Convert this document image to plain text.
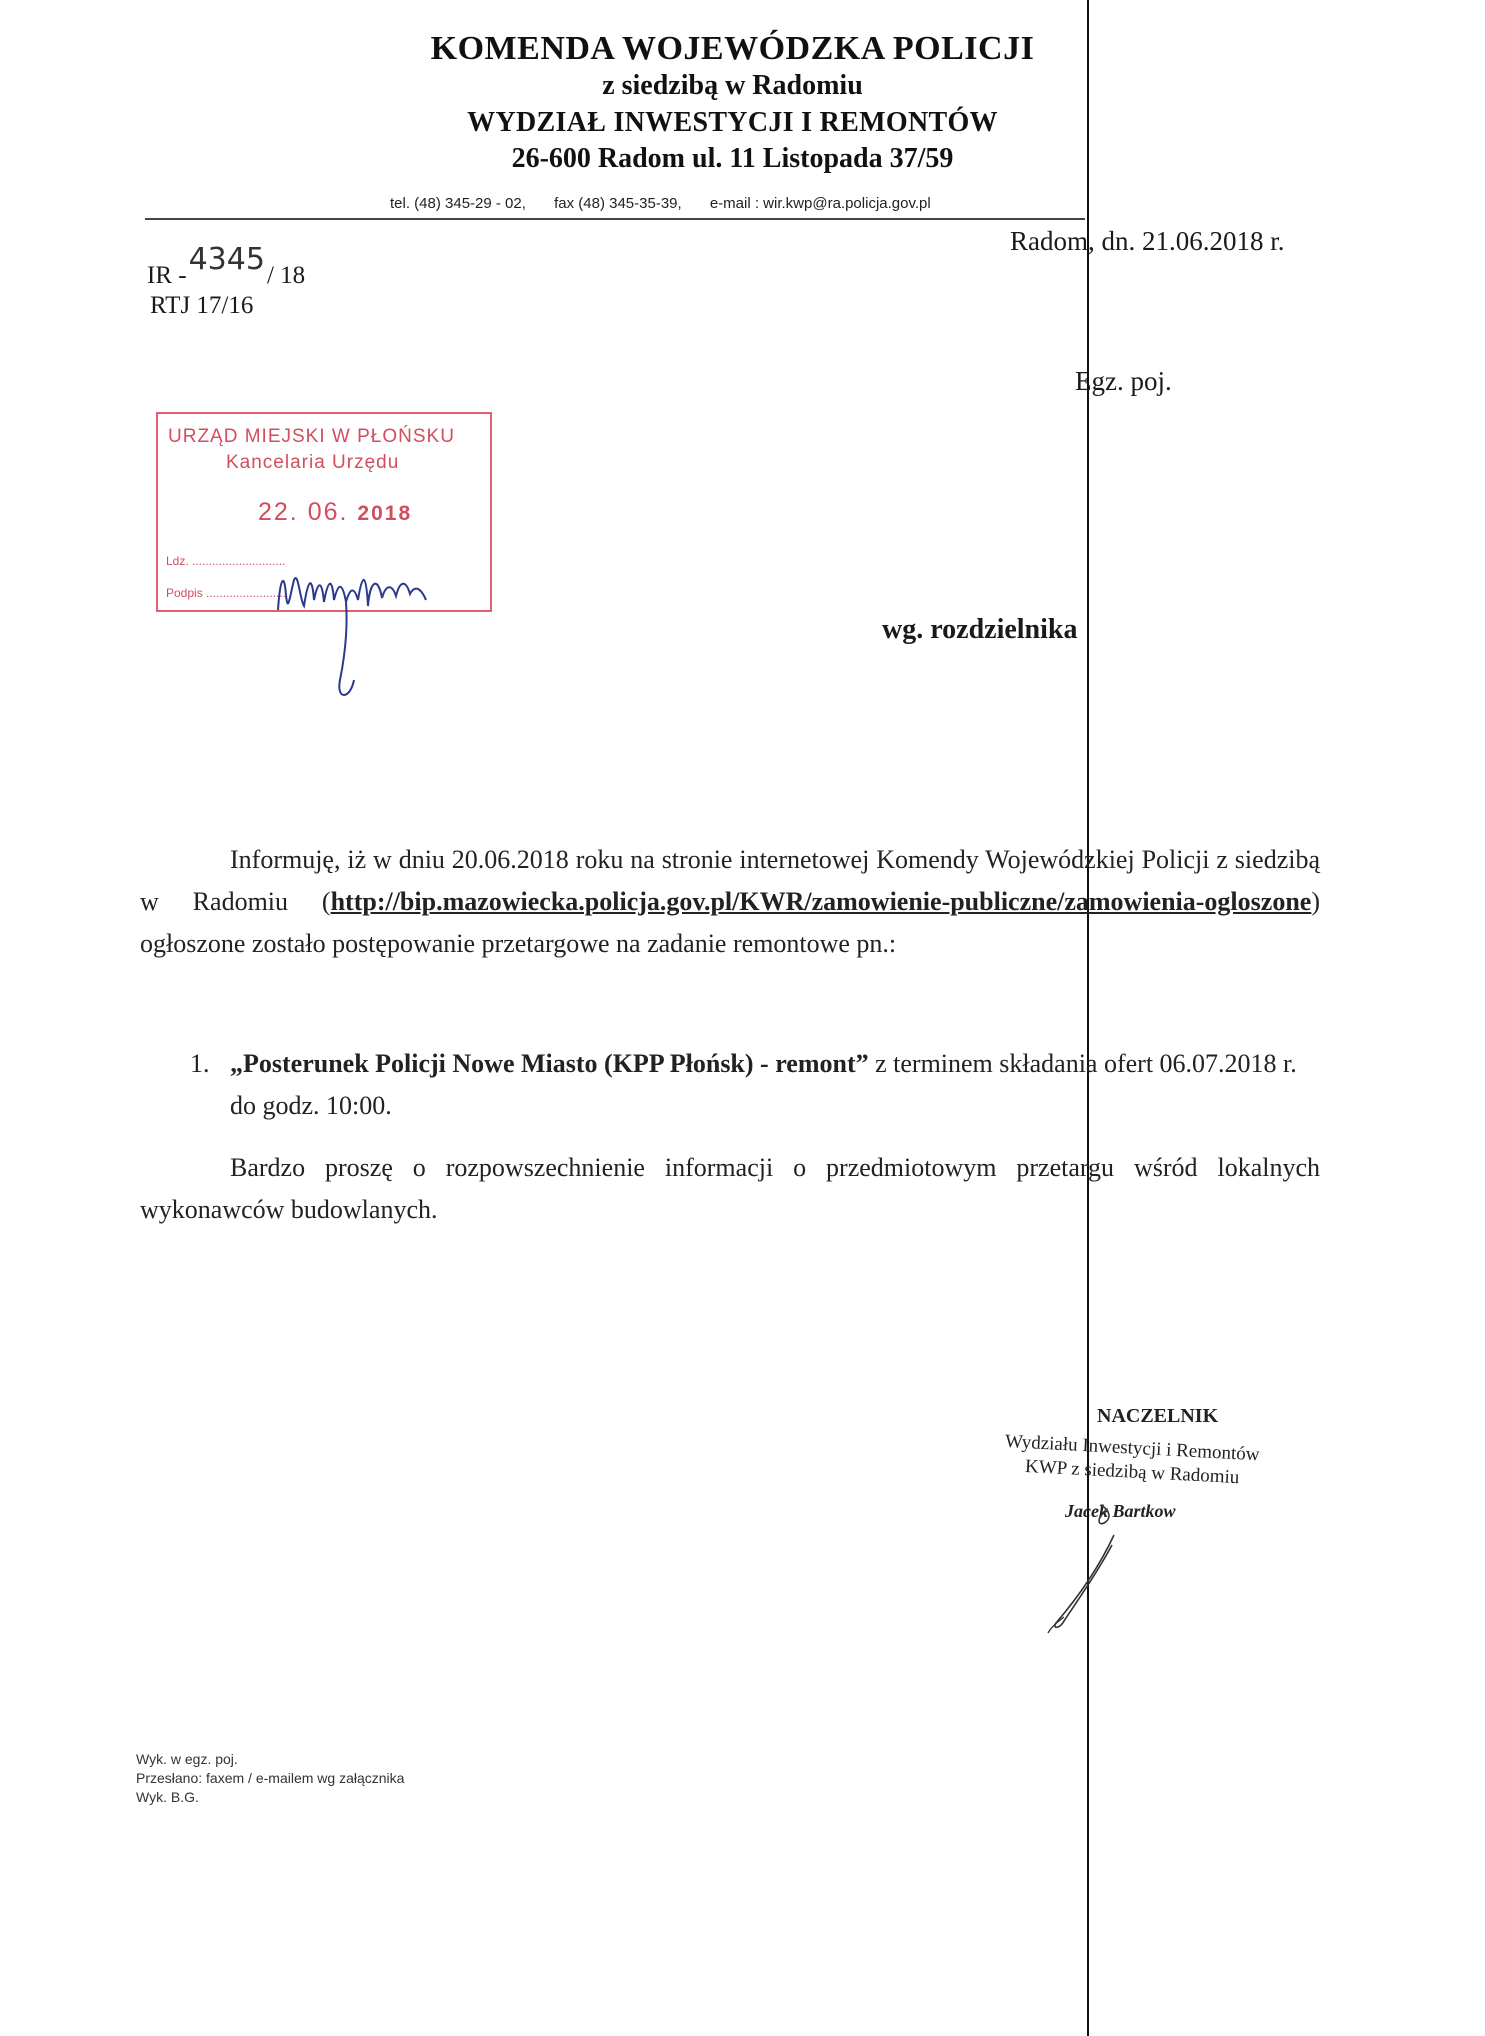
KOMENDA WOJEWÓDZKA POLICJI
z siedzibą w Radomiu
WYDZIAŁ INWESTYCJI I REMONTÓW
26-600 Radom ul. 11 Listopada 37/59
tel. (48) 345-29 - 02, fax (48) 345-35-39, e-mail : wir.kwp@ra.policja.gov.pl
Radom, dn. 21.06.2018 r.
IR -4345/ 18
RTJ 17/16
Egz. poj.
URZĄD MIEJSKI W PŁOŃSKU
Kancelaria Urzędu
22. 06. 2018
Ldz. ............................
Podpis ........................
wg. rozdzielnika
Informuję, iż w dniu 20.06.2018 roku na stronie internetowej Komendy Wojewódzkiej Policji z siedzibą w Radomiu (http://bip.mazowiecka.policja.gov.pl/KWR/zamowienie-publiczne/zamowienia-ogloszone) ogłoszone zostało postępowanie przetargowe na zadanie remontowe pn.:
1. „Posterunek Policji Nowe Miasto (KPP Płońsk) - remont” z terminem składania ofert 06.07.2018 r. do godz. 10:00.
Bardzo proszę o rozpowszechnienie informacji o przedmiotowym przetargu wśród lokalnych wykonawców budowlanych.
NACZELNIK
Wydziału Inwestycji i Remontów
KWP z siedzibą w Radomiu
Jacek Bartkow
Wyk. w egz. poj.
Przesłano: faxem / e-mailem wg załącznika
Wyk. B.G.
